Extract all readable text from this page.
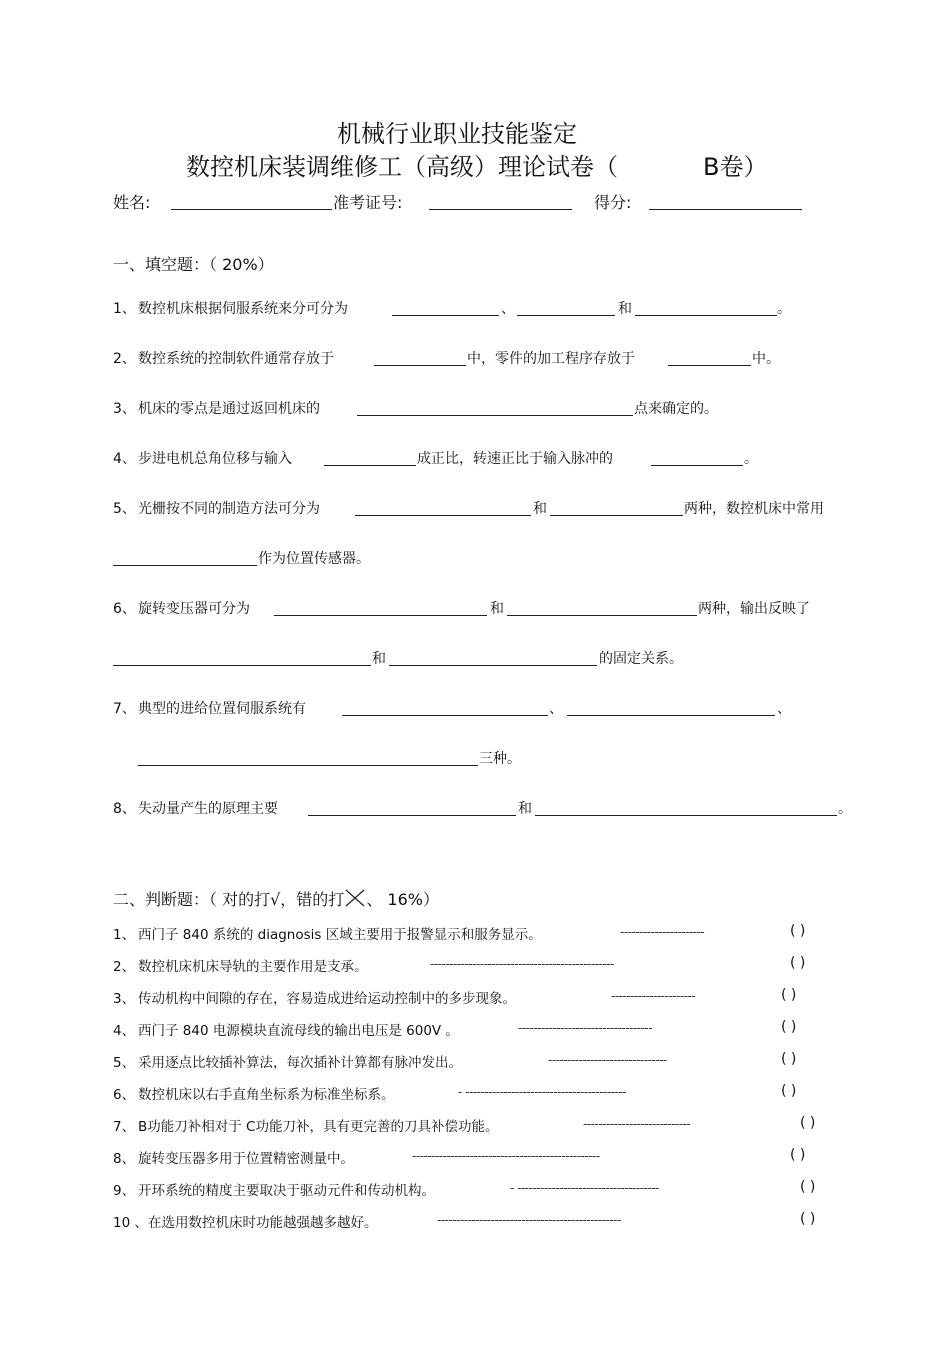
机械行业职业技能鉴定
数控机床装调维修工（高级）理论试卷（	B卷）
姓名:	准考证号:	得分:
一、填空题：（ 20%）
1、 数控机床根据伺服系统来分可分为	、	和	。
2、 数控系统的控制软件通常存放于	中，零件的加工程序存放于	中。
3、 机床的零点是通过返回机床的	点来确定的。
4、 步进电机总角位移与输入	成正比，转速正比于输入脉冲的	。
5、 光栅按不同的制造方法可分为	和	两种，数控机床中常用
作为位置传感器。
6、 旋转变压器可分为	和	两种，输出反映了
和	的固定关系。
7、 典型的进给位置伺服系统有	、	、
三种。
8、 失动量产生的原理主要	和	。
二、判断题：（ 对的打√，错的打 、 16%）
1、 西门子 840 系统的 diagnosis 区域主要用于报警显示和服务显示。	----------------------	( )
2、 数控机床机床导轨的主要作用是支承。	------------------------------------------------	( )
3、 传动机构中间隙的存在，容易造成进给运动控制中的多步现象。	----------------------	( )
4、 西门子 840 电源模块直流母线的输出电压是 600V 。	-----------------------------------	( )
5、 采用逐点比较插补算法，每次插补计算都有脉冲发出。	-------------------------------	( )
6、 数控机床以右手直角坐标系为标准坐标系。	- ------------------------------------------	( )
7、 B功能刀补相对于 C功能刀补，具有更完善的刀具补偿功能。	----------------------------	( )
8、 旋转变压器多用于位置精密测量中。	-------------------------------------------------	( )
9、 开环系统的精度主要取决于驱动元件和传动机构。	- -------------------------------------	( )
10 、 在选用数控机床时功能越强越多越好。	------------------------------------------------	( )
